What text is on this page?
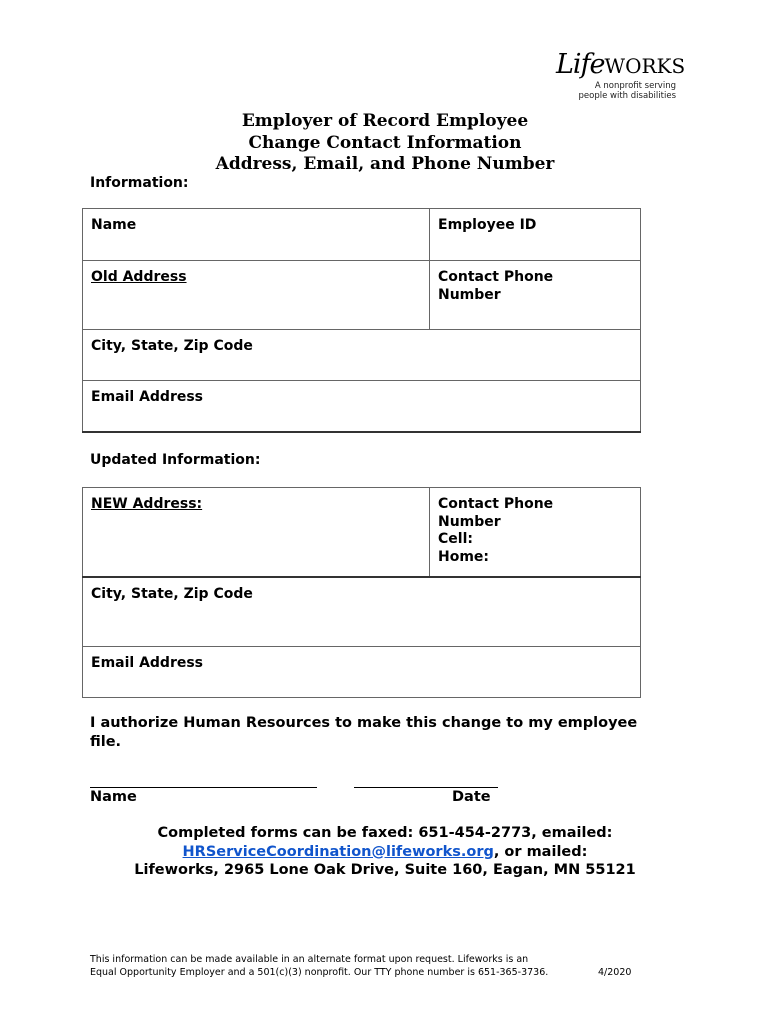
LifeWORKS
A nonprofit serving
people with disabilities
Employer of Record Employee
Change Contact Information
Address, Email, and Phone Number
Information:
Name	Employee ID
Old Address	Contact Phone
Number

City, State, Zip Code	
Email Address	
Updated Information:
NEW Address:	Contact Phone
Number
Cell:
Home:

City, State, Zip Code
Email Address
I authorize Human Resources to make this change to my employee
file.
Name	Date
Completed forms can be faxed: 651-454-2773, emailed:
HRServiceCoordination@lifeworks.org, or mailed:
Lifeworks, 2965 Lone Oak Drive, Suite 160, Eagan, MN 55121
This information can be made available in an alternate format upon request. Lifeworks is an
Equal Opportunity Employer and a 501(c)(3) nonprofit. Our TTY phone number is 651-365-3736.	4/2020
